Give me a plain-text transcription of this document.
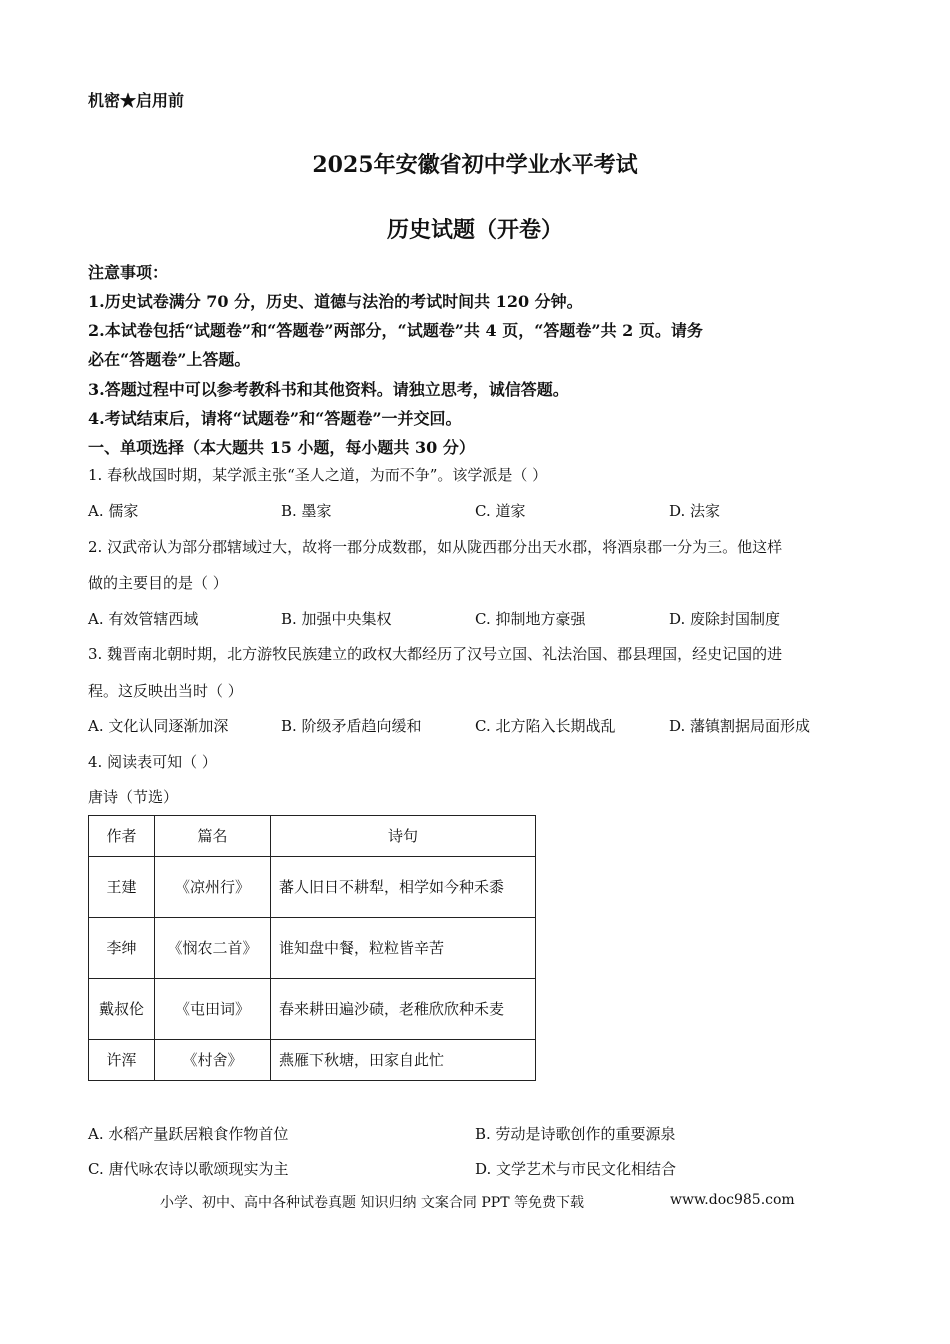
机密★启用前
2025年安徽省初中学业水平考试
历史试题（开卷）
注意事项：
1.历史试卷满分 70 分，历史、道德与法治的考试时间共 120 分钟。
2.本试卷包括“试题卷”和“答题卷”两部分，“试题卷”共 4 页，“答题卷”共 2 页。请务
必在“答题卷”上答题。
3.答题过程中可以参考教科书和其他资料。请独立思考，诚信答题。
4.考试结束后，请将“试题卷”和“答题卷”一并交回。
一、单项选择（本大题共 15 小题，每小题共 30 分）
1. 春秋战国时期，某学派主张“圣人之道，为而不争”。该学派是（ ）
A. 儒家	B. 墨家	C. 道家	D. 法家
2. 汉武帝认为部分郡辖域过大，故将一郡分成数郡，如从陇西郡分出天水郡，将酒泉郡一分为三。他这样
做的主要目的是（ ）
A. 有效管辖西域	B. 加强中央集权	C. 抑制地方豪强	D. 废除封国制度
3. 魏晋南北朝时期，北方游牧民族建立的政权大都经历了汉号立国、礼法治国、郡县理国，经史记国的进
程。这反映出当时（ ）
A. 文化认同逐渐加深	B. 阶级矛盾趋向缓和	C. 北方陷入长期战乱	D. 藩镇割据局面形成
4. 阅读表可知（ ）
唐诗（节选）
作者	篇名	诗句
王建	《凉州行》	蕃人旧日不耕犁，相学如今种禾黍
李绅	《悯农二首》	谁知盘中餐，粒粒皆辛苦
戴叔伦	《屯田词》	春来耕田遍沙碛，老稚欣欣种禾麦
许浑	《村舍》	燕雁下秋塘，田家自此忙
A. 水稻产量跃居粮食作物首位	B. 劳动是诗歌创作的重要源泉
C. 唐代咏农诗以歌颂现实为主	D. 文学艺术与市民文化相结合
小学、初中、高中各种试卷真题 知识归纳 文案合同 PPT 等免费下载	www.doc985.com
